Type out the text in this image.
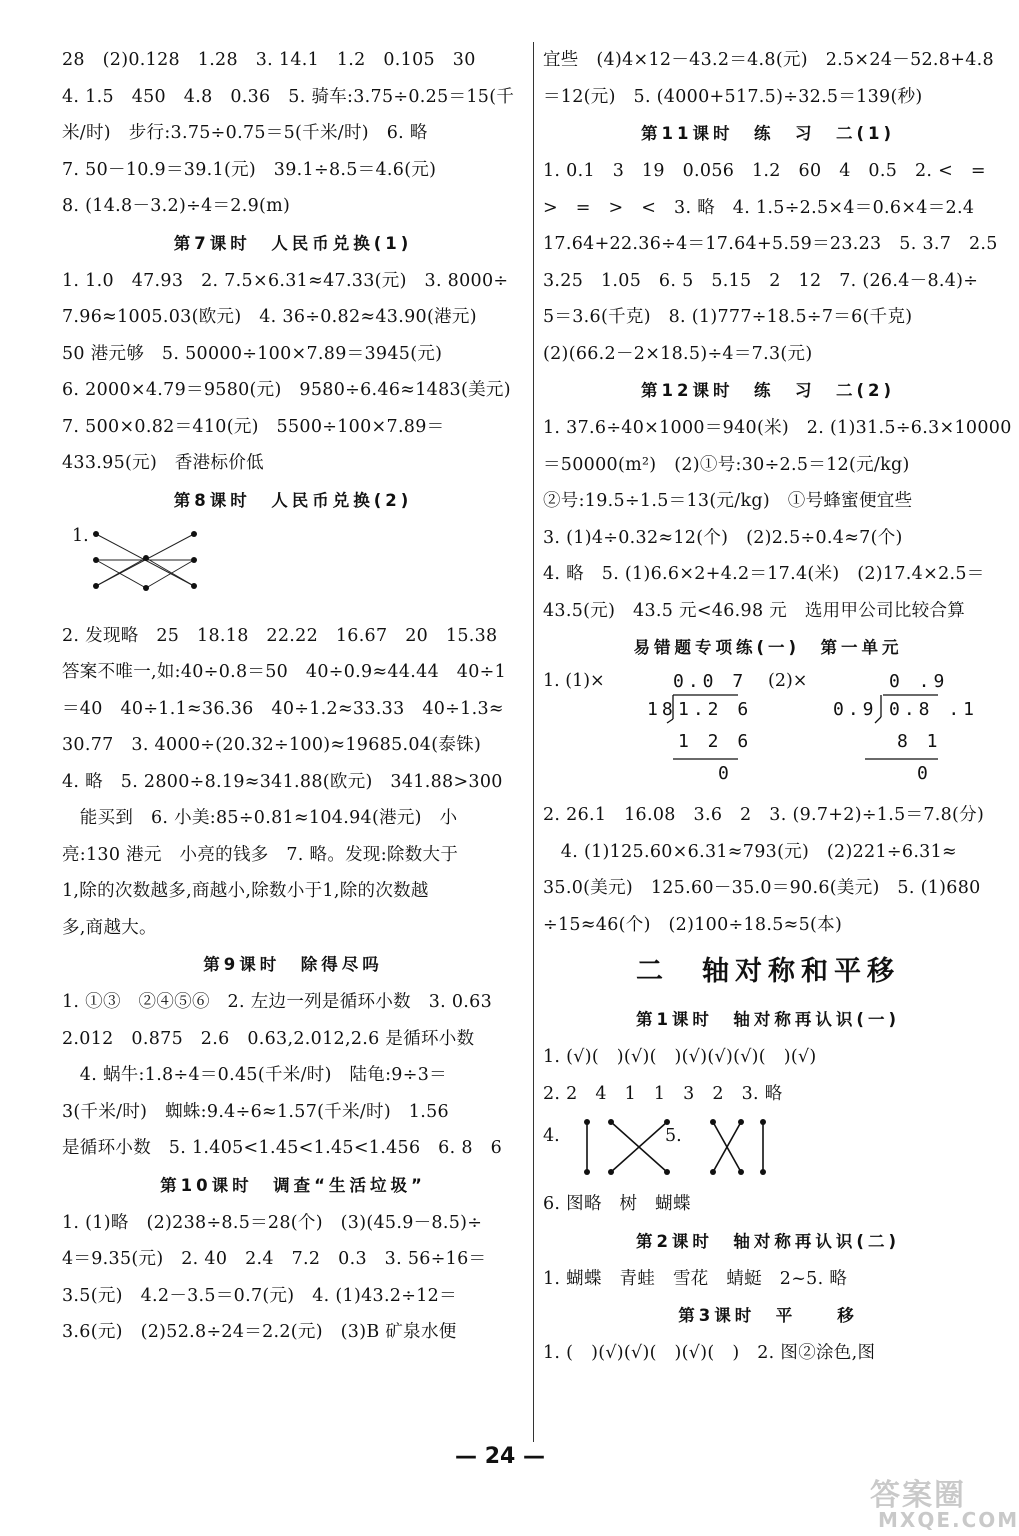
28　(2)0.128　1.28　3. 14.1　1.2　0.105　30
4. 1.5　450　4.8　0.36　5. 骑车:3.75÷0.25＝15(千
米/时)　步行:3.75÷0.75＝5(千米/时)　6. 略
7. 50－10.9＝39.1(元)　39.1÷8.5＝4.6(元)
8. (14.8－3.2)÷4＝2.9(m)
第7课时　人民币兑换(1)
1. 1.0　47.93　2. 7.5×6.31≈47.33(元)　3. 8000÷
7.96≈1005.03(欧元)　4. 36÷0.82≈43.90(港元)
50 港元够　5. 50000÷100×7.89＝3945(元)
6. 2000×4.79＝9580(元)　9580÷6.46≈1483(美元)
7. 500×0.82＝410(元)　5500÷100×7.89＝
433.95(元)　香港标价低
第8课时　人民币兑换(2)
1.
2. 发现略　25　18.18　22.22　16.67　20　15.38
答案不唯一,如:40÷0.8＝50　40÷0.9≈44.44　40÷1
＝40　40÷1.1≈36.36　40÷1.2≈33.33　40÷1.3≈
30.77　3. 4000÷(20.32÷100)≈19685.04(泰铢)
4. 略　5. 2800÷8.19≈341.88(欧元)　341.88>300
　能买到　6. 小美:85÷0.81≈104.94(港元)　小
亮:130 港元　小亮的钱多　7. 略。发现:除数大于
1,除的次数越多,商越小,除数小于1,除的次数越
多,商越大。
第9课时　除得尽吗
1. ①③　②④⑤⑥　2. 左边一列是循环小数　3. 0.63
2.012　0.875　2.6　0.63,2.012,2.6 是循环小数
　4. 蜗牛:1.8÷4＝0.45(千米/时)　陆龟:9÷3＝
3(千米/时)　蜘蛛:9.4÷6≈1.57(千米/时)　1.56
是循环小数　5. 1.405<1.45<1.45<1.456　6. 8　6
第10课时　调查“生活垃圾”
1. (1)略　(2)238÷8.5＝28(个)　(3)(45.9－8.5)÷
4＝9.35(元)　2. 40　2.4　7.2　0.3　3. 56÷16＝
3.5(元)　4.2－3.5＝0.7(元)　4. (1)43.2÷12＝
3.6(元)　(2)52.8÷24＝2.2(元)　(3)B 矿泉水便
宜些　(4)4×12－43.2＝4.8(元)　2.5×24－52.8+4.8
＝12(元)　5. (4000+517.5)÷32.5＝139(秒)
第11课时　练　习　二(1)
1. 0.1　3　19　0.056　1.2　60　4　0.5　2. <　=
>　=　>　<　3. 略　4. 1.5÷2.5×4＝0.6×4＝2.4
17.64+22.36÷4＝17.64+5.59＝23.23　5. 3.7　2.5
3.25　1.05　6. 5　5.15　2　12　7. (26.4－8.4)÷
5＝3.6(千克)　8. (1)777÷18.5÷7＝6(千克)
(2)(66.2－2×18.5)÷4＝7.3(元)
第12课时　练　习　二(2)
1. 37.6÷40×1000＝940(米)　2. (1)31.5÷6.3×10000
＝50000(m²)　(2)①号:30÷2.5＝12(元/kg)
②号:19.5÷1.5＝13(元/kg)　①号蜂蜜便宜些
3. (1)4÷0.32≈12(个)　(2)2.5÷0.4≈7(个)
4. 略　5. (1)6.6×2+4.2＝17.4(米)　(2)17.4×2.5＝
43.5(元)　43.5 元<46.98 元　选用甲公司比较合算
易错题专项练(一)　第一单元
1. (1)×	(2)×
0.0 7
18 1.2 6
1 2 6
0
0 .9
0.9 0.8 .1
8 1
0
2. 26.1　16.08　3.6　2　3. (9.7+2)÷1.5＝7.8(分)
　4. (1)125.60×6.31≈793(元)　(2)221÷6.31≈
35.0(美元)　125.60－35.0＝90.6(美元)　5. (1)680
÷15≈46(个)　(2)100÷18.5≈5(本)
二　轴对称和平移
第1课时　轴对称再认识(一)
1. (√)(　)(√)(　)(√)(√)(√)(　)(√)
2. 2　4　1　1　3　2　3. 略
4.	5.
6. 图略　树　蝴蝶
第2课时　轴对称再认识(二)
1. 蝴蝶　青蛙　雪花　蜻蜓　2~5. 略
第3课时　平　　移
1. (　)(√)(√)(　)(√)(　)　2. 图②涂色,图
— 24 —
答案圈
MXQE.COM
